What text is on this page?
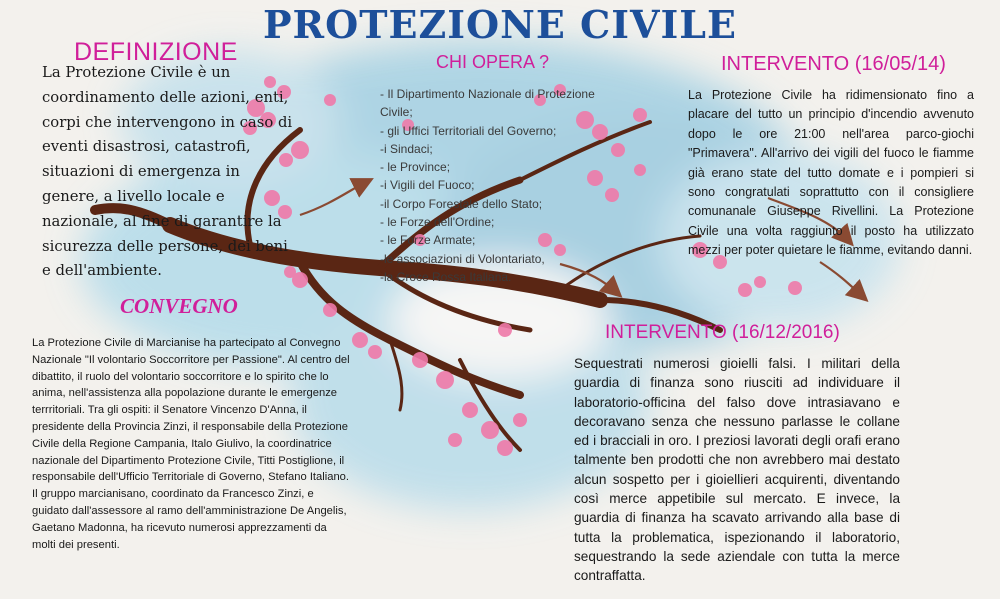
PROTEZIONE CIVILE
DEFINIZIONE
La Protezione Civile è un coordinamento delle azioni, enti, corpi che intervengono in caso di eventi disastrosi, catastrofi, situazioni di emergenza in genere, a livello locale e nazionale, al fine di garantire la sicurezza delle persone, dei beni e dell'ambiente.
CHI OPERA ?
- Il Dipartimento Nazionale di Protezione Civile;
- gli Uffici Territoriali del Governo;
-i Sindaci;
- le Province;
-i Vigili del Fuoco;
-il Corpo Forestale dello Stato;
- le Forze dell'Ordine;
- le Forze Armate;
-le associazioni di Volontariato,
-la Croce Rossa Italiana.
INTERVENTO (16/05/14)
La Protezione Civile ha ridimensionato fino a placare del tutto un principio d'incendio avvenuto dopo le ore 21:00 nell'area parco-giochi "Primavera". All'arrivo dei vigili del fuoco le fiamme già erano state del tutto domate e i pompieri si sono congratulati soprattutto con il consigliere comunanale Giuseppe Rivellini. La Protezione Civile una volta raggiunto il posto ha utilizzato mezzi per poter quietare le fiamme, evitando danni.
CONVEGNO
La Protezione Civile di Marcianise ha partecipato al Convegno Nazionale "Il volontario Soccorritore per Passione". Al centro del dibattito, il ruolo del volontario soccorritore e lo spirito che lo anima, nell'assistenza alla popolazione durante le emergenze terrritoriali. Tra gli ospiti: il Senatore Vincenzo D'Anna, il presidente della Provincia Zinzi, il responsabile della Protezione Civile della Regione Campania, Italo Giulivo, la coordinatrice nazionale del Dipartimento Protezione Civile, Titti Postiglione, il responsabile dell'Ufficio Territoriale di Governo, Stefano Italiano. Il gruppo marcianisano, coordinato da Francesco Zinzi, e guidato dall'assessore al ramo dell'amministrazione De Angelis, Gaetano Madonna, ha ricevuto numerosi apprezzamenti da molti dei presenti.
INTERVENTO (16/12/2016)
Sequestrati numerosi gioielli falsi. I militari della guardia di finanza sono riusciti ad individuare il laboratorio-officina del falso dove intrasiavano e decoravano senza che nessuno parlasse le collane ed i bracciali in oro. I preziosi lavorati degli orafi erano talmente ben prodotti che non avrebbero mai destato alcun sospetto per i gioiellieri acquirenti, diventando così merce appetibile sul mercato. E invece, la guardia di finanza ha scavato arrivando alla base di tutta la problematica, ispezionando il laboratorio, sequestrando la sede aziendale con tutta la merce contraffatta.
